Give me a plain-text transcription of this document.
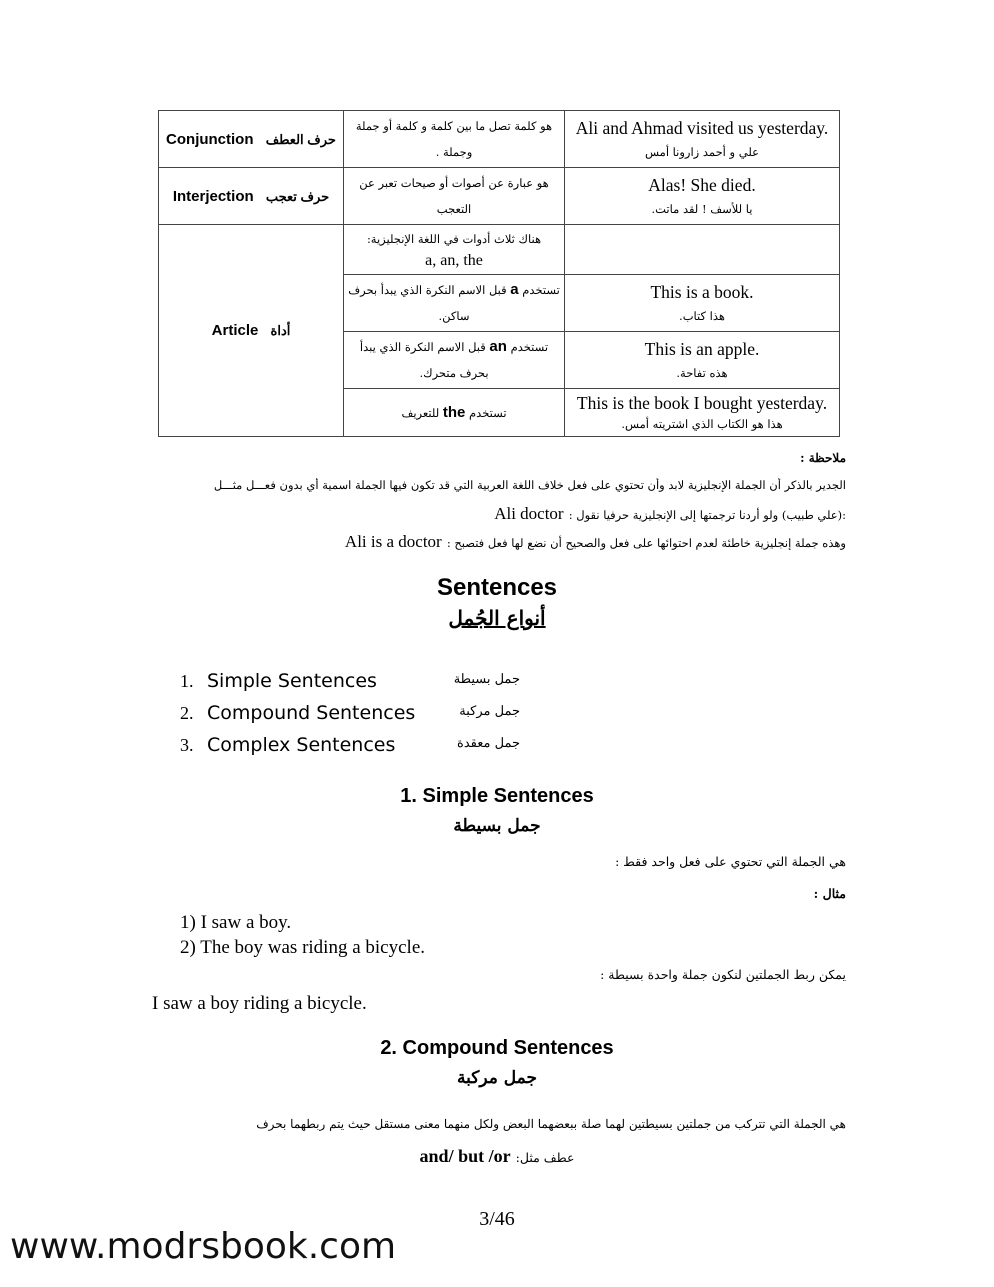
Conjunction حرف العطف	هو كلمة تصل ما بين كلمة و كلمة أو جملة وجملة .	Ali and Ahmad visited us yesterday.
علي و أحمد زارونا أمس

Interjection حرف تعجب	هو عبارة عن أصوات أو صيحات تعبر عن التعجب	Alas! She died.
يا للأسف ! لقد ماتت.

Article أداة	هناك ثلاث أدوات في اللغة الإنجليزية:
a, an, the	

	تستخدم a قبل الاسم النكرة الذي يبدأ بحرف ساكن.	This is a book.
هذا كتاب.

	تستخدم an قبل الاسم النكرة الذي يبدأ بحرف متحرك.	This is an apple.
هذه تفاحة.

	تستخدم the للتعريف	This is the book I bought yesterday.
هذا هو الكتاب الذي اشتريته أمس.
ملاحظة :
الجدير بالذكر أن الجملة الإنجليزية لابد وأن تحتوي على فعل خلاف اللغة العربية التي قد تكون فيها الجملة اسمية أي بدون فعـــل مثـــل
:(علي طبيب) ولو أردنا ترجمتها إلى الإنجليزية حرفيا نقول : Ali doctor
وهذه جملة إنجليزية خاطئة لعدم احتوائها على فعل والصحيح أن نضع لها فعل فتصبح : Ali is a doctor
Sentences
أنواع الجُمل
1. Simple Sentences	جمل بسيطة
2. Compound Sentences	جمل مركبة
3. Complex Sentences	جمل معقدة
1. Simple Sentences
جمل بسيطة
هي الجملة التي تحتوي على فعل واحد فقط :
مثال :
1) I saw a boy.
2) The boy was riding a bicycle.
يمكن ربط الجملتين لنكون جملة واحدة بسيطة :
I saw a boy riding a bicycle.
2. Compound Sentences
جمل مركبة
هي الجملة التي تتركب من جملتين بسيطتين لهما صلة ببعضهما البعض ولكل منهما معنى مستقل حيث يتم ربطهما بحرف
عطف مثل: and/ but /or
3/46
www.modrsbook.com
